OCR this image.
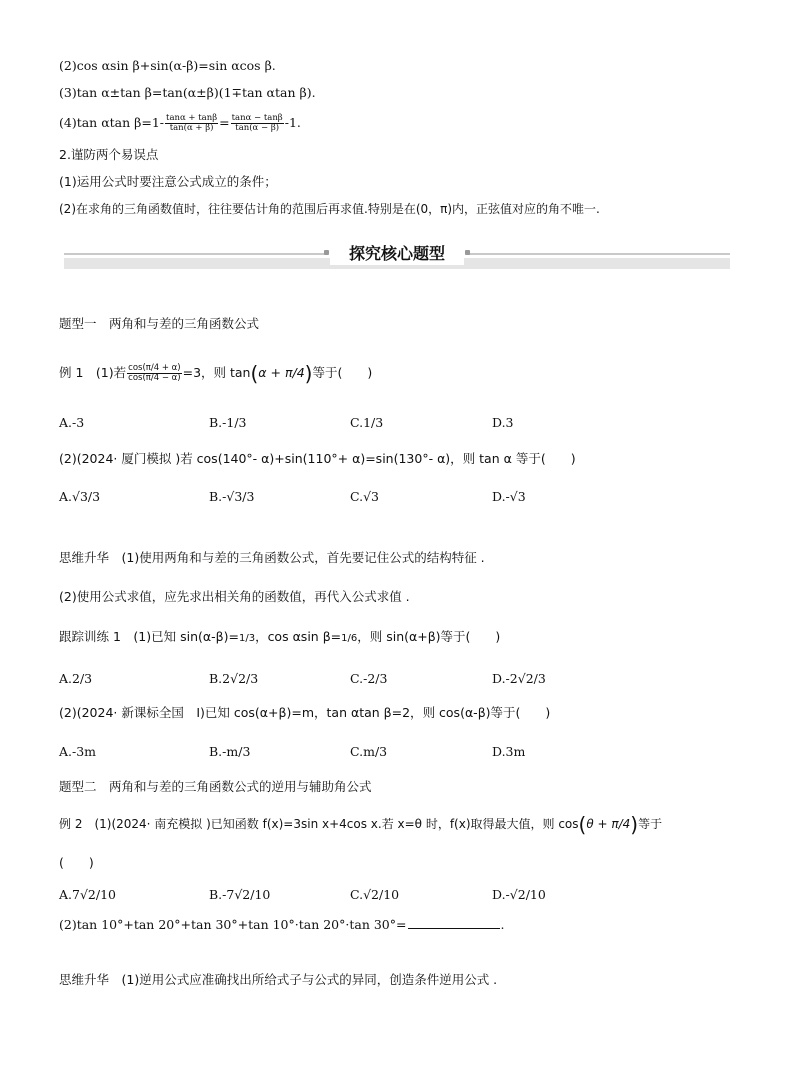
(2)cos αsin β+sin(α-β)=sin αcos β.
(3)tan α±tan β=tan(α±β)(1∓tan αtan β).
(4)tan αtan $\beta=1- \frac{\tan\alpha + \tan\beta}{\tan(\alpha + \beta)} = \frac{\tan\alpha - \tan\beta}{\tan(\alpha - \beta)} -1$.
2.谨防两个易误点
(1)运用公式时要注意公式成立的条件；
(2)在求角的三角函数值时，往往要估计角的范围后再求值.特别是在(0，π)内，正弦值对应的角不唯一.
探究核心题型
题型一　两角和与差的三角函数公式
例 1　(1)若 $\frac{\cos(\pi/4 + \alpha)}{\cos(\pi/4 - \alpha)} =3$，则 tan(α + π/4)等于(　　)
A.-3	B.-1/3	C.1/3	D.3
(2)(2024· 厦门模拟 )若 cos(140°- α)+sin(110°+ α)=sin(130°- α)，则 tan α 等于(　　)
A.√3/3	B.-√3/3	C.√3	D.-√3
思维升华　(1)使用两角和与差的三角函数公式，首先要记住公式的结构特征 .
(2)使用公式求值，应先求出相关角的函数值，再代入公式求值 .
跟踪训练 1　(1)已知 sin(α-β)=1/3，cos αsin β=1/6，则 sin(α+β)等于(　　)
A.2/3	B.2√2/3	C.-2/3	D.-2√2/3
(2)(2024· 新课标全国　Ⅰ)已知 cos(α+β)=m，tan αtan β=2，则 cos(α-β)等于(　　)
A.-3m	B.-m/3	C.m/3	D.3m
题型二　两角和与差的三角函数公式的逆用与辅助角公式
例 2　(1)(2024· 南充模拟 )已知函数 f(x)=3sin x+4cos x.若 x=θ 时，f(x)取得最大值，则 cos(θ + π/4)等于
(　　)
A.7√2/10	B.-7√2/10	C.√2/10	D.-√2/10
(2)tan 10°+tan 20°+tan 30°+tan 10°·tan 20°·tan 30°=	.
思维升华　(1)逆用公式应准确找出所给式子与公式的异同，创造条件逆用公式 .
